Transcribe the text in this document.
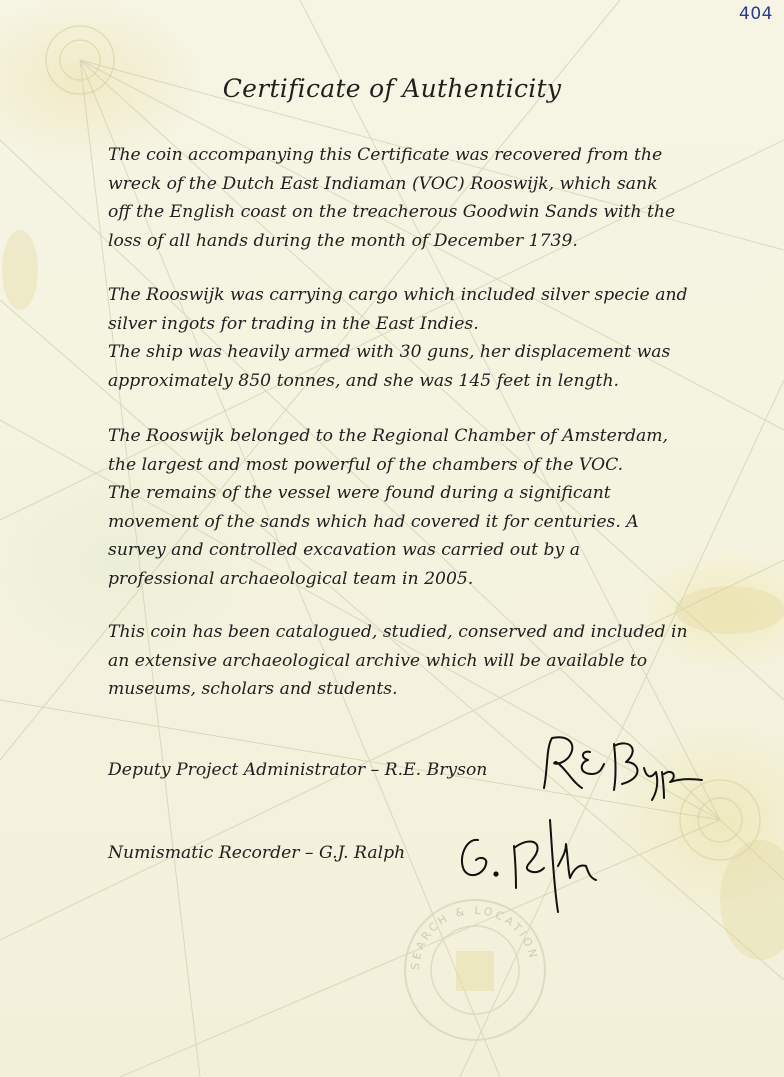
404
Certificate of Authenticity
The coin accompanying this Certificate was recovered from the
wreck of the Dutch East Indiaman (VOC) Rooswijk, which sank
off the English coast on the treacherous Goodwin Sands with the
loss of all hands during the month of December 1739.
The Rooswijk was carrying cargo which included silver specie and
silver ingots for trading in the East Indies.
The ship was heavily armed with 30 guns, her displacement was
approximately 850 tonnes, and she was 145 feet in length.
The Rooswijk belonged to the Regional Chamber of Amsterdam,
the largest and most powerful of the chambers of the VOC.
The remains of the vessel were found during a significant
movement of the sands which had covered it for centuries. A
survey and controlled excavation was carried out by a
professional archaeological team in 2005.
This coin has been catalogued, studied, conserved and included in
an extensive archaeological archive which will be available to
museums, scholars and students.
Deputy Project Administrator – R.E. Bryson
Numismatic Recorder – G.J. Ralph
SEARCH & LOCATION
